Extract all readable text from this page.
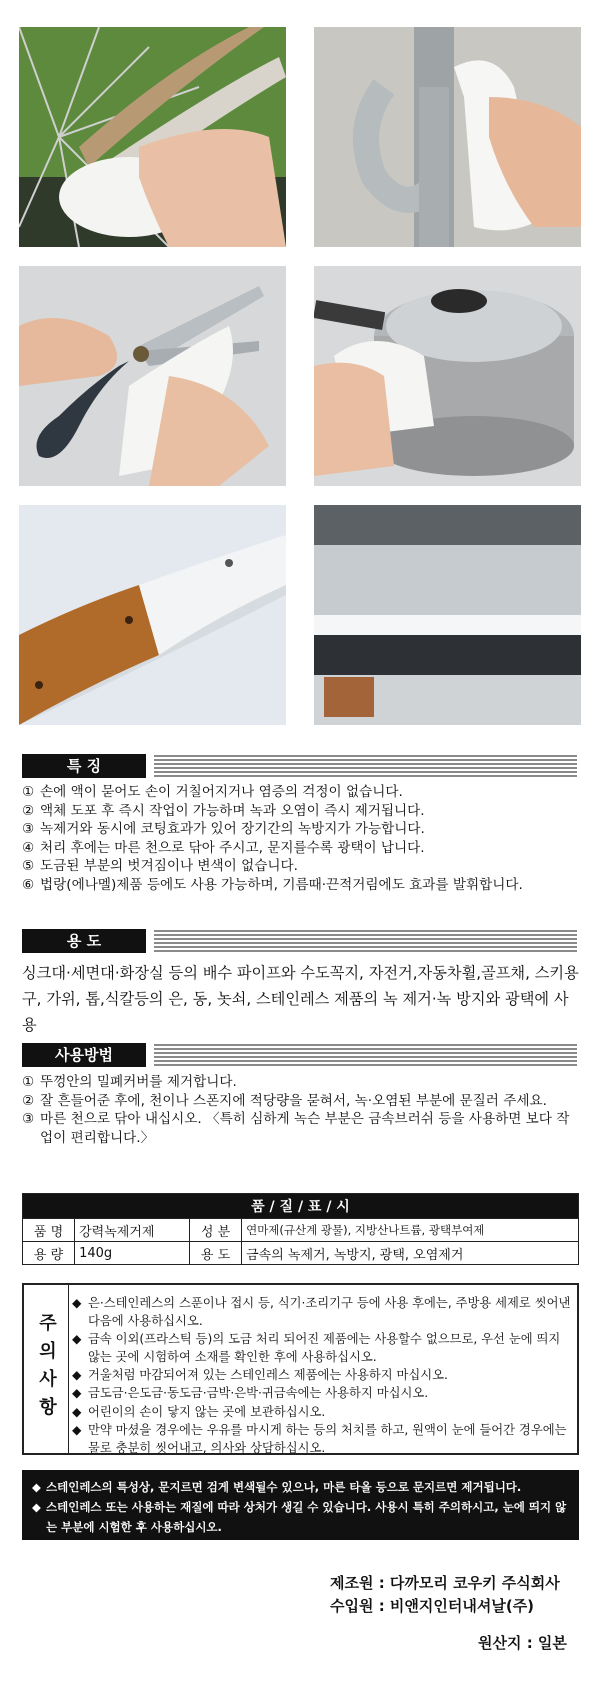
특 징
① 손에 액이 묻어도 손이 거칠어지거나 염증의 걱정이 없습니다.
② 액체 도포 후 즉시 작업이 가능하며 녹과 오염이 즉시 제거됩니다.
③ 녹제거와 동시에 코팅효과가 있어 장기간의 녹방지가 가능합니다.
④ 처리 후에는 마른 천으로 닦아 주시고, 문지를수록 광택이 납니다.
⑤ 도금된 부분의 벗겨짐이나 변색이 없습니다.
⑥ 법랑(에나멜)제품 등에도 사용 가능하며, 기름때·끈적거림에도 효과를 발휘합니다.
용 도
싱크대·세면대·화장실 등의 배수 파이프와 수도꼭지, 자전거,자동차휠,골프채, 스키용구, 가위, 톱,식칼등의 은, 동, 놋쇠, 스테인레스 제품의 녹 제거·녹 방지와 광택에 사용
사용방법
① 뚜껑안의 밀폐커버를 제거합니다.
② 잘 흔들어준 후에, 천이나 스폰지에 적당량을 묻혀서, 녹·오염된 부분에 문질러 주세요.
③ 마른 천으로 닦아 내십시오. 〈특히 심하게 녹슨 부분은 금속브러쉬 등을 사용하면 보다 작업이 편리합니다.〉
품 / 질 / 표 / 시			
품 명	강력녹제거제	성 분	연마제(규산계 광물), 지방산나트륨, 광택부여제
용 량	140g	용 도	금속의 녹제거, 녹방지, 광택, 오염제거
주의사항
◆ 은·스테인레스의 스푼이나 접시 등, 식기·조리기구 등에 사용 후에는, 주방용 세제로 씻어낸 다음에 사용하십시오.
◆ 금속 이외(프라스틱 등)의 도금 처리 되어진 제품에는 사용할수 없으므로, 우선 눈에 띄지 않는 곳에 시험하여 소재를 확인한 후에 사용하십시오.
◆ 거울처럼 마감되어져 있는 스테인레스 제품에는 사용하지 마십시오.
◆ 금도금·은도금·동도금·금박·은박·귀금속에는 사용하지 마십시오.
◆ 어린이의 손이 닿지 않는 곳에 보관하십시오.
◆ 만약 마셨을 경우에는 우유를 마시게 하는 등의 처치를 하고, 원액이 눈에 들어간 경우에는 물로 충분히 씻어내고, 의사와 상담하십시오.
◆ 스테인레스의 특성상, 문지르면 검게 변색될수 있으나, 마른 타올 등으로 문지르면 제거됩니다.
◆ 스테인레스 또는 사용하는 재질에 따라 상처가 생길 수 있습니다. 사용시 특히 주의하시고, 눈에 띄지 않는 부분에 시험한 후 사용하십시오.
제조원 : 다까모리 코우키 주식회사
수입원 : 비앤지인터내셔날(주)
원산지 : 일본
